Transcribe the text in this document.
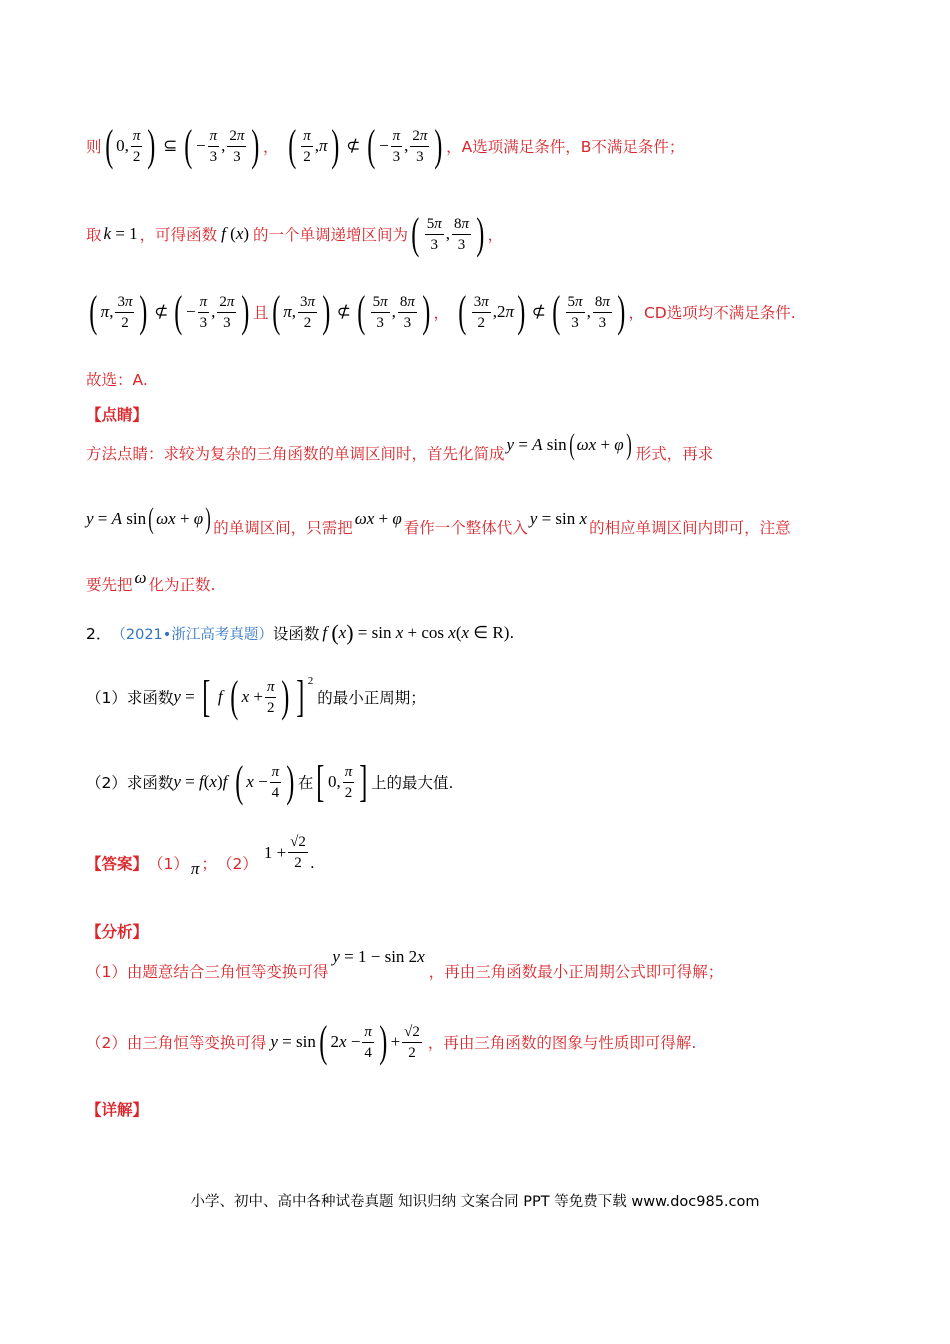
则 ( 0, $\frac{\pi}{2}$ ) ⊆ ( − $\frac{\pi}{3}$ , $\frac{2\pi}{3}$ ) ， ( $\frac{\pi}{2}$ , π ) ⊄ ( − $\frac{\pi}{3}$ , $\frac{2\pi}{3}$ ) ，A选项满足条件，B不满足条件；
取 k = 1 ，可得函数 f ( x ) 的一个单调递增区间为 ( $\frac{5\pi}{3}$ , $\frac{8\pi}{3}$ ) ，
( π , $\frac{3\pi}{2}$ ) ⊄ ( − $\frac{\pi}{3}$ , $\frac{2\pi}{3}$ ) 且 ( π , $\frac{3\pi}{2}$ ) ⊄ ( $\frac{5\pi}{3}$ , $\frac{8\pi}{3}$ ) ， ( $\frac{3\pi}{2} ,2$ π ) ⊄ ( $\frac{5\pi}{3}$ , $\frac{8\pi}{3}$ ) ，CD选项均不满足条件.
故选：A.
【点睛】
方法点睛：求较为复杂的三角函数的单调区间时，首先化简成 y = A sin ( ωx + φ ) 形式，再求
y = A sin ( ωx + φ ) 的单调区间，只需把 ωx + φ 看作一个整体代入 y = sin x 的相应单调区间内即可，注意
要先把 ω 化为正数.
2． （2021•浙江高考真题） 设函数 f
( x ) = sin x + cos x ( x ∈ R) .
（1）求函数 y = [
f
( $x + \frac{\pi}{2}$ ) ] 2
的最小正周期；
（2）求函数 y = f ( x ) f
( $x - \frac{\pi}{4}$ ) 在 [ 0, $\frac{\pi}{2}$ ] 上的最大值.
【答案】 （1） π ； （2）
$1 + \frac{√2}{2}$ .
【分析】
（1）由题意结合三角恒等变换可得
y = 1 − sin 2 x
，再由三角函数最小正周期公式即可得解；
（2）由三角恒等变换可得 y = sin ( 2 $x - \frac{\pi}{4}$ ) + $\frac{√2}{2}$ ，再由三角函数的图象与性质即可得解.
【详解】
小学、初中、高中各种试卷真题 知识归纳 文案合同 PPT 等免费下载 www.doc985.com
